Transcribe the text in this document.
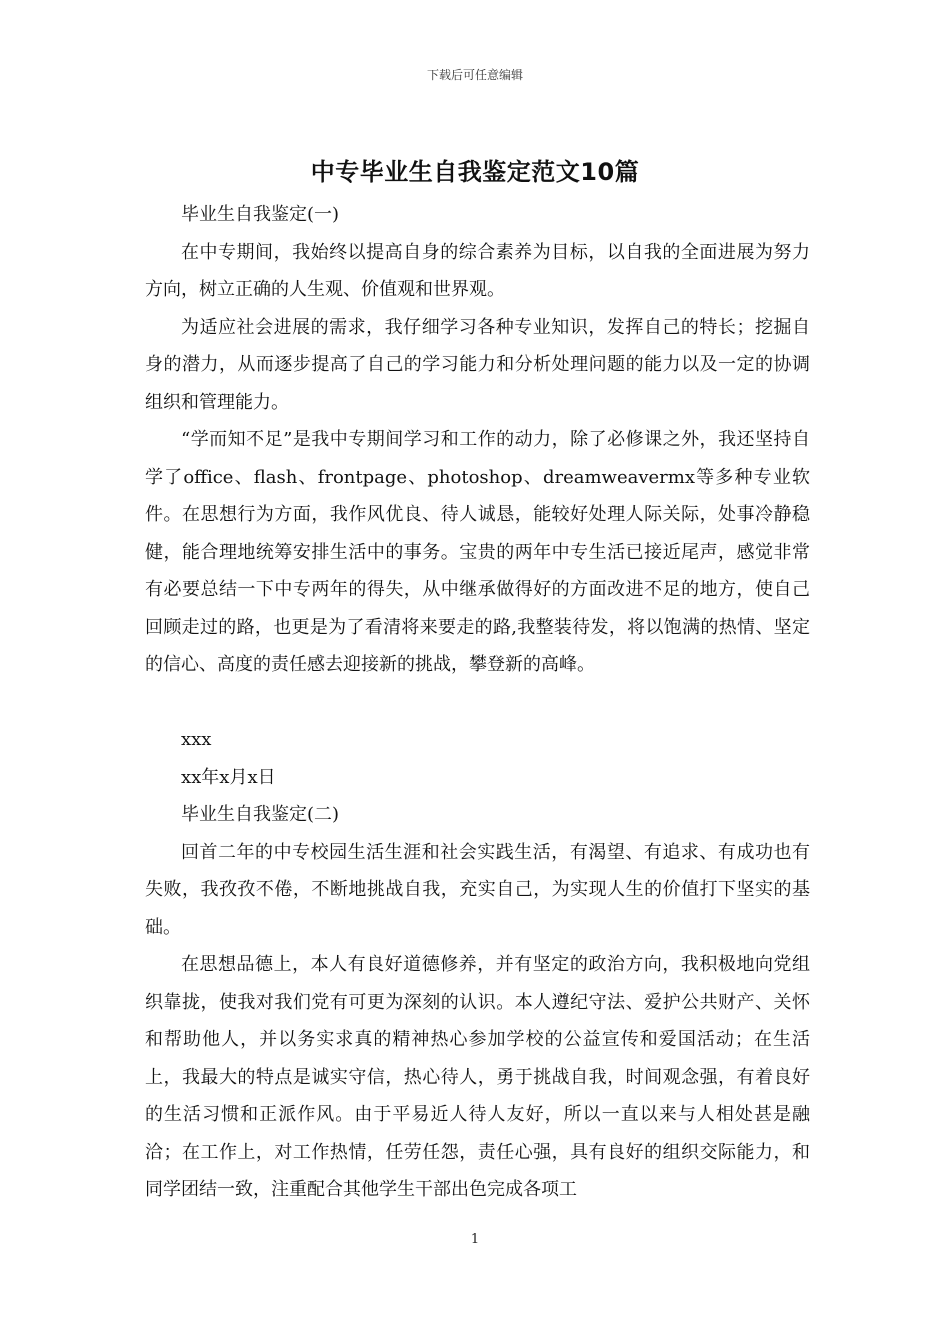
下载后可任意编辑
中专毕业生自我鉴定范文10篇

毕业生自我鉴定(一)

在中专期间，我始终以提高自身的综合素养为目标，以自我的全面进展为努力方向，树立正确的人生观、价值观和世界观。

为适应社会进展的需求，我仔细学习各种专业知识，发挥自己的特长；挖掘自身的潜力，从而逐步提高了自己的学习能力和分析处理问题的能力以及一定的协调组织和管理能力。

“学而知不足”是我中专期间学习和工作的动力，除了必修课之外，我还坚持自学了office、flash、frontpage、photoshop、dreamweavermx等多种专业软件。在思想行为方面，我作风优良、待人诚恳，能较好处理人际关际，处事冷静稳健，能合理地统筹安排生活中的事务。宝贵的两年中专生活已接近尾声，感觉非常有必要总结一下中专两年的得失，从中继承做得好的方面改进不足的地方，使自己回顾走过的路，也更是为了看清将来要走的路,我整装待发，将以饱满的热情、坚定的信心、高度的责任感去迎接新的挑战，攀登新的高峰。

xxx

xx年x月x日

毕业生自我鉴定(二)

回首二年的中专校园生活生涯和社会实践生活，有渴望、有追求、有成功也有失败，我孜孜不倦，不断地挑战自我，充实自己，为实现人生的价值打下坚实的基础。

在思想品德上，本人有良好道德修养，并有坚定的政治方向，我积极地向党组织靠拢，使我对我们党有可更为深刻的认识。本人遵纪守法、爱护公共财产、关怀和帮助他人，并以务实求真的精神热心参加学校的公益宣传和爱国活动；在生活上，我最大的特点是诚实守信，热心待人，勇于挑战自我，时间观念强，有着良好的生活习惯和正派作风。由于平易近人待人友好，所以一直以来与人相处甚是融洽；在工作上，对工作热情，任劳任怨，责任心强，具有良好的组织交际能力，和同学团结一致，注重配合其他学生干部出色完成各项工

1
